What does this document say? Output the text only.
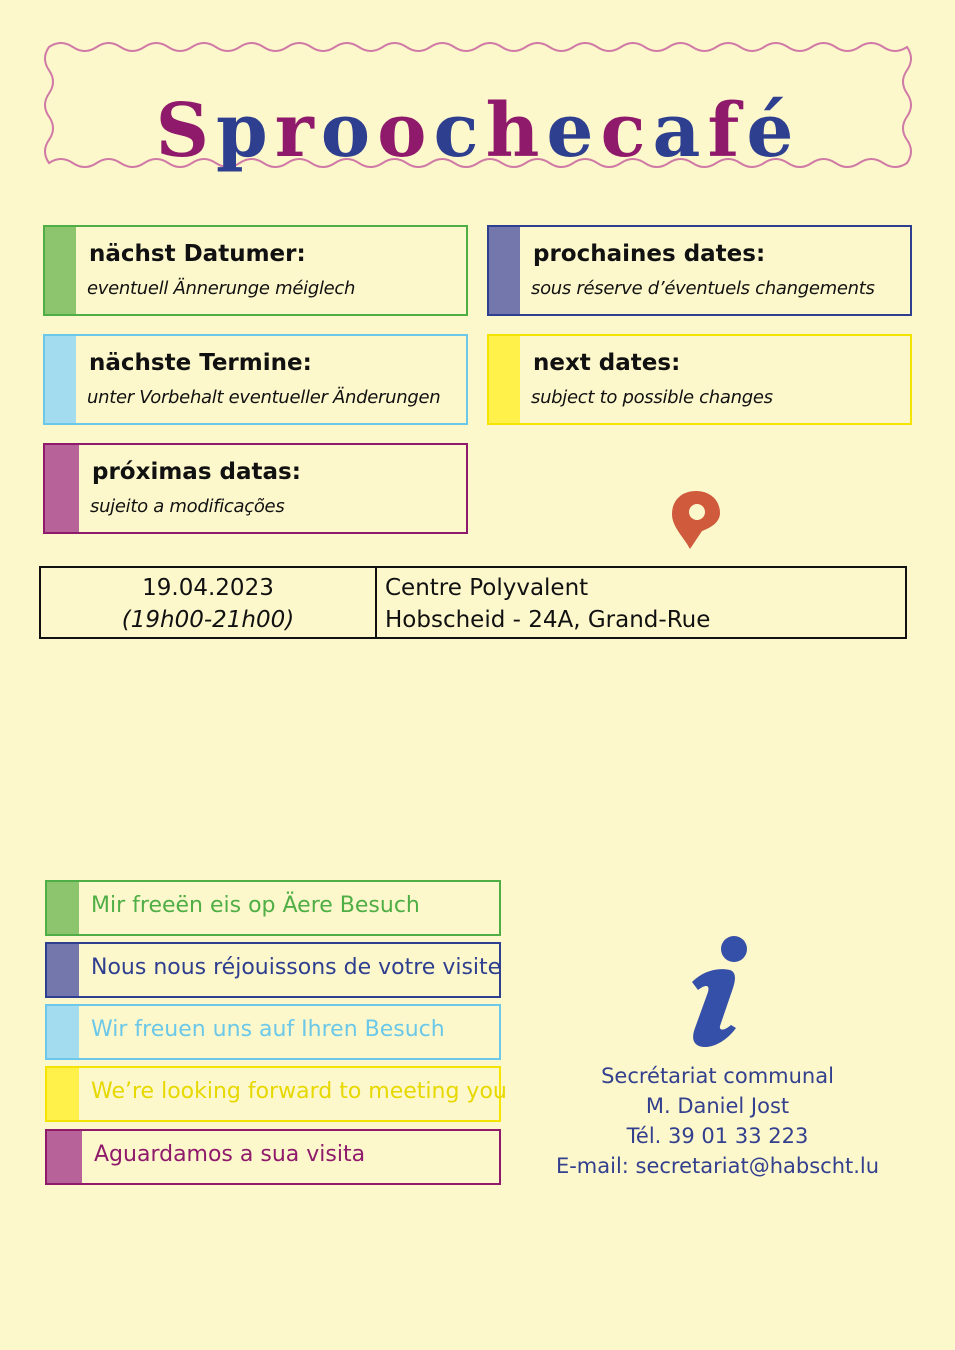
Sproochecafé
nächst Datumer:
eventuell Ännerunge méiglech
prochaines dates:
sous réserve d’éventuels changements
nächste Termine:
unter Vorbehalt eventueller Änderungen
next dates:
subject to possible changes
próximas datas:
sujeito a modificações
19.04.2023
(19h00-21h00)
Centre Polyvalent
Hobscheid - 24A, Grand-Rue
Mir freeën eis op Äere Besuch
Nous nous réjouissons de votre visite
Wir freuen uns auf Ihren Besuch
We’re looking forward to meeting you
Aguardamos a sua visita
Secrétariat communal
M. Daniel Jost
Tél. 39 01 33 223
E-mail: secretariat@habscht.lu
